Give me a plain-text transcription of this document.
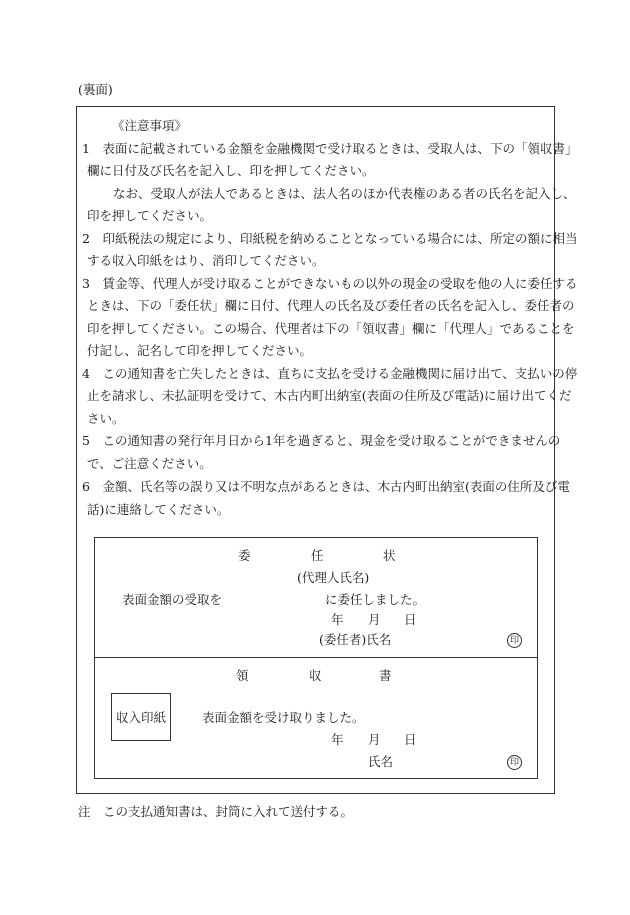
(裏面)
《注意事項》
1　表面に記載されている金額を金融機関で受け取るときは、受取人は、下の「領収書」
欄に日付及び氏名を記入し、印を押してください。
なお、受取人が法人であるときは、法人名のほか代表権のある者の氏名を記入し、
印を押してください。
2　印紙税法の規定により、印紙税を納めることとなっている場合には、所定の額に相当
する収入印紙をはり、消印してください。
3　賃金等、代理人が受け取ることができないもの以外の現金の受取を他の人に委任する
ときは、下の「委任状」欄に日付、代理人の氏名及び委任者の氏名を記入し、委任者の
印を押してください。この場合、代理者は下の「領収書」欄に「代理人」であることを
付記し、記名して印を押してください。
4　この通知書を亡失したときは、直ちに支払を受ける金融機関に届け出て、支払いの停
止を請求し、未払証明を受けて、木古内町出納室(表面の住所及び電話)に届け出てくだ
さい。
5　この通知書の発行年月日から1年を過ぎると、現金を受け取ることができませんの
で、ご注意ください。
6　金額、氏名等の誤り又は不明な点があるときは、木古内町出納室(表面の住所及び電
話)に連絡してください。
委	任	状
(代理人氏名)
表面金額の受取を	に委任しました。
年 月 日
(委任者)氏名	印
領	収	書
収入印紙	表面金額を受け取りました。
年 月 日
氏名	印
注　この支払通知書は、封筒に入れて送付する。
